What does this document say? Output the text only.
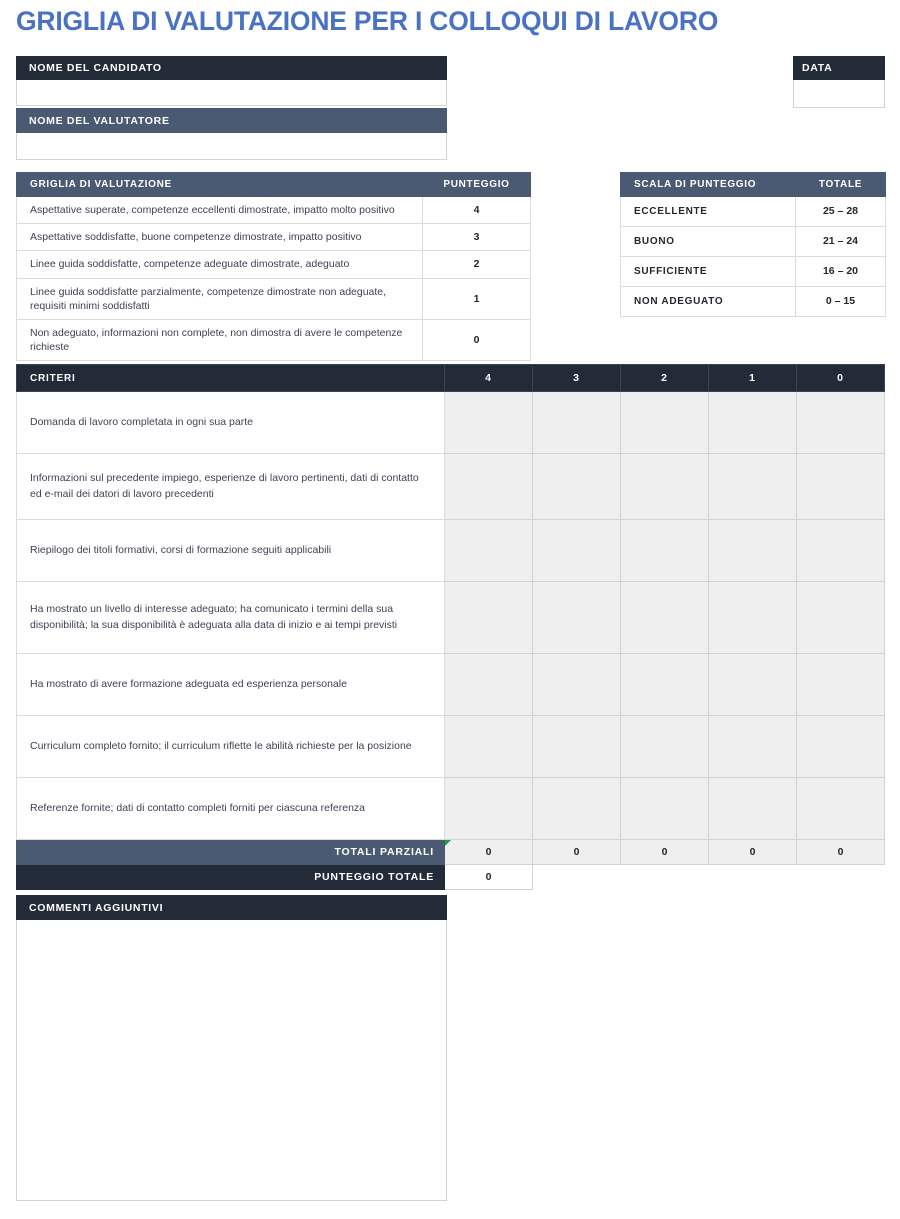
GRIGLIA DI VALUTAZIONE PER I COLLOQUI DI LAVORO
NOME DEL CANDIDATO
NOME DEL VALUTATORE
DATA
GRIGLIA DI VALUTAZIONE	PUNTEGGIO
Aspettative superate, competenze eccellenti dimostrate, impatto molto positivo	4
Aspettative soddisfatte, buone competenze dimostrate, impatto positivo	3
Linee guida soddisfatte, competenze adeguate dimostrate, adeguato	2
Linee guida soddisfatte parzialmente, competenze dimostrate non adeguate, requisiti minimi soddisfatti	1
Non adeguato, informazioni non complete, non dimostra di avere le competenze richieste	0
SCALA DI PUNTEGGIO	TOTALE
ECCELLENTE	25 – 28
BUONO	21 – 24
SUFFICIENTE	16 – 20
NON ADEGUATO	0 – 15
CRITERI	4	3	2	1	0
Domanda di lavoro completata in ogni sua parte					
Informazioni sul precedente impiego, esperienze di lavoro pertinenti, dati di contatto ed e-mail dei datori di lavoro precedenti					
Riepilogo dei titoli formativi, corsi di formazione seguiti applicabili					
Ha mostrato un livello di interesse adeguato; ha comunicato i termini della sua disponibilità; la sua disponibilità è adeguata alla data di inizio e ai tempi previsti					
Ha mostrato di avere formazione adeguata ed esperienza personale					
Curriculum completo fornito; il curriculum riflette le abilità richieste per la posizione					
Referenze fornite; dati di contatto completi forniti per ciascuna referenza					
TOTALI PARZIALI	0	0	0	0	0
PUNTEGGIO TOTALE	0				
COMMENTI AGGIUNTIVI
